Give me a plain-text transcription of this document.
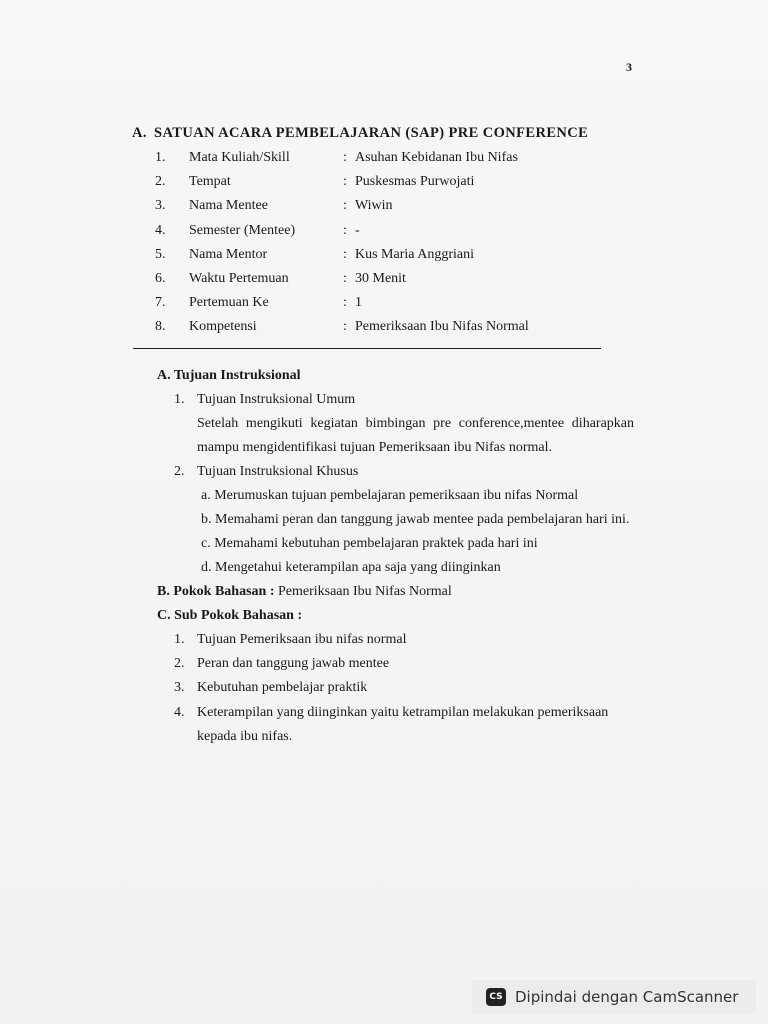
3
A. SATUAN ACARA PEMBELAJARAN (SAP) PRE CONFERENCE
1. Mata Kuliah/Skill	: Asuhan Kebidanan Ibu Nifas
2. Tempat	: Puskesmas Purwojati
3. Nama Mentee	: Wiwin
4. Semester (Mentee)	: -
5. Nama Mentor	: Kus Maria Anggriani
6. Waktu Pertemuan	: 30 Menit
7. Pertemuan Ke	: 1
8. Kompetensi	: Pemeriksaan Ibu Nifas Normal
A. Tujuan Instruksional
1. Tujuan Instruksional Umum
Setelah mengikuti kegiatan bimbingan pre conference,mentee diharapkan
mampu mengidentifikasi tujuan Pemeriksaan ibu Nifas normal.
2. Tujuan Instruksional Khusus
a. Merumuskan tujuan pembelajaran pemeriksaan ibu nifas Normal
b. Memahami peran dan tanggung jawab mentee pada pembelajaran hari ini.
c. Memahami kebutuhan pembelajaran praktek pada hari ini
d. Mengetahui keterampilan apa saja yang diinginkan
B. Pokok Bahasan : Pemeriksaan Ibu Nifas Normal
C. Sub Pokok Bahasan :
1. Tujuan Pemeriksaan ibu nifas normal
2. Peran dan tanggung jawab mentee
3. Kebutuhan pembelajar praktik
4. Keterampilan yang diinginkan yaitu ketrampilan melakukan pemeriksaan
kepada ibu nifas.
CS Dipindai dengan CamScanner
